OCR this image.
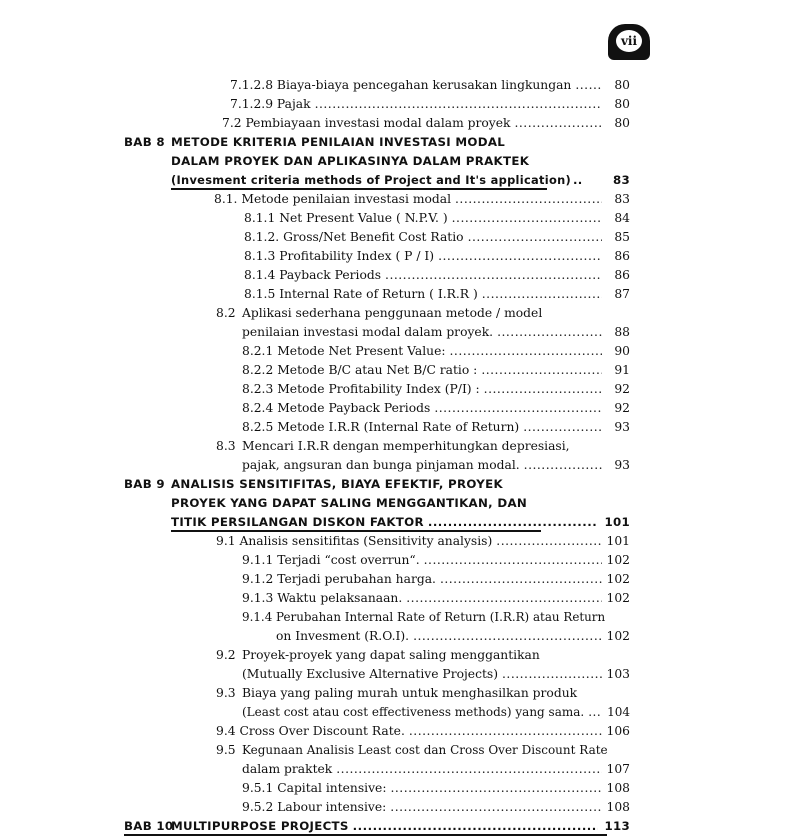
vii
7.1.2.8 Biaya-biaya pencegahan kerusakan lingkungan .....	80
7.1.2.9 Pajak .....	80
7.2 Pembiayaan investasi modal dalam proyek .....	80
BAB 8 METODE KRITERIA PENILAIAN INVESTASI MODAL
DALAM PROYEK DAN APLIKASINYA DALAM PRAKTEK
(Invesment criteria methods of Project and It's application) ..	83
8.1. Metode penilaian investasi modal .....	83
8.1.1 Net Present Value ( N.P.V. ) .....	84
8.1.2. Gross/Net Benefit Cost Ratio .....	85
8.1.3 Profitability Index ( P / I) .....	86
8.1.4 Payback Periods .....	86
8.1.5 Internal Rate of Return ( I.R.R ) .....	87
8.2 Aplikasi sederhana penggunaan metode / model
penilaian investasi modal dalam proyek. .....	88
8.2.1 Metode Net Present Value: .....	90
8.2.2 Metode B/C atau Net B/C ratio : .....	91
8.2.3 Metode Profitability Index (P/I) : .....	92
8.2.4 Metode Payback Periods .....	92
8.2.5 Metode I.R.R (Internal Rate of Return) .....	93
8.3 Mencari I.R.R dengan memperhitungkan depresiasi,
pajak, angsuran dan bunga pinjaman modal. .....	93
BAB 9 ANALISIS SENSITIFITAS, BIAYA EFEKTIF, PROYEK
PROYEK YANG DAPAT SALING MENGGANTIKAN, DAN
TITIK PERSILANGAN DISKON FAKTOR .....	101
9.1 Analisis sensitifitas (Sensitivity analysis) .....	101
9.1.1 Terjadi “cost overrun“. .....	102
9.1.2 Terjadi perubahan harga. .....	102
9.1.3 Waktu pelaksanaan. .....	102
9.1.4 Perubahan Internal Rate of Return (I.R.R) atau Return
on Invesment (R.O.I). .....	102
9.2 Proyek-proyek yang dapat saling menggantikan
(Mutually Exclusive Alternative Projects) .....	103
9.3 Biaya yang paling murah untuk menghasilkan produk
(Least cost atau cost effectiveness methods) yang sama. ..... 104
9.4 Cross Over Discount Rate. .....	106
9.5 Kegunaan Analisis Least cost dan Cross Over Discount Rate
dalam praktek .....	107
9.5.1 Capital intensive: .....	108
9.5.2 Labour intensive: .....	108
BAB 10
MULTIPURPOSE PROJECTS .....	113
